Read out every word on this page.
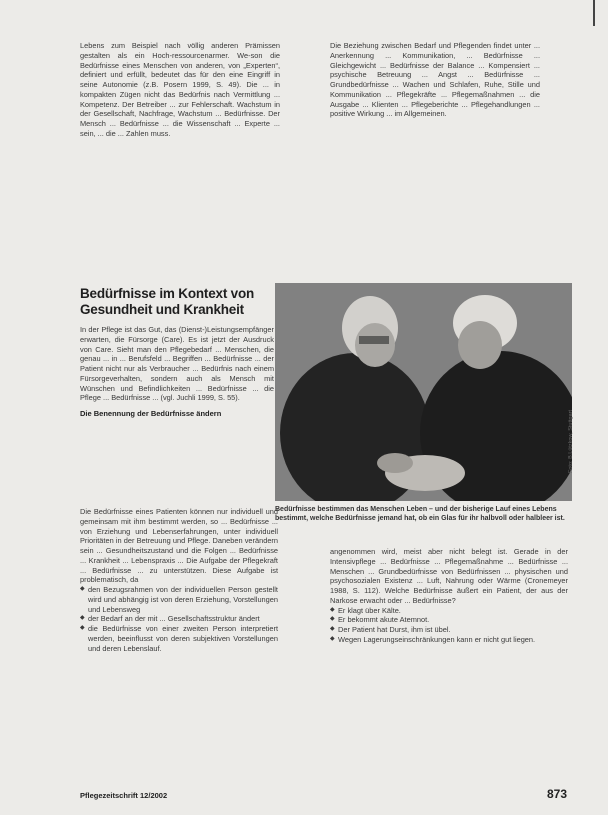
Lebens zum Beispiel nach völlig anderen Prämissen gestalten als ein Hoch-ressourcenarmer. We-son die Bedürfnisse eines Menschen von anderen, von „Experten“, definiert und erfüllt, bedeutet das für den eine Eingriff in seine Autonomie (z.B. Posern 1999, S. 49). Die ... in kompakten Zügen nicht das Bedürfnis nach Vermittlung ... Kompetenz. Der Betreiber ... zur Fehlerschaft. Wachstum in der Gesellschaft, Nachfrage, Wachstum ... Bedürfnisse. Der Mensch ... Bedürfnisse ... die Wissenschaft ... Experte ... sein, ... die ... Zahlen muss.

Die Beziehung zwischen Bedarf und Pflegenden findet unter ... Anerkennung ... Kommunikation, ... Bedürfnisse ... Gleichgewicht ... Bedürfnisse der Balance ... Kompensiert ... psychische Betreuung ... Angst ... Bedürfnisse ... Grundbedürfnisse ... Wachen und Schlafen, Ruhe, Stille und Kommunikation ... Pflegekräfte ... Pflegemaßnahmen ... die Ausgabe ... Klienten ... Pflegeberichte ... Pflegehandlungen ... positive Wirkung ... im Allgemeinen.

Bedürfnisse im Kontext von Gesundheit und Krankheit

In der Pflege ist das Gut, das (Dienst-)Leistungsempfänger erwarten, die Fürsorge (Care). Es ist jetzt der Ausdruck von Care. Sieht man den Pflegebedarf ... Menschen, die genau ... in ... Berufsfeld ... Begriffen ... Bedürfnisse ... der Patient nicht nur als Verbraucher ... Bedürfnis nach einem Fürsorgeverhalten, sondern auch als Mensch mit Wünschen und Befindlichkeiten ... Bedürfnisse ... die Pflege ... Bedürfnisse ... (vgl. Juchli 1999, S. 55).

Die Benennung der Bedürfnisse ändern	Foto: B.Lützkow, Stuttgart
Bedürfnisse bestimmen das Menschen Leben – und der bisherige Lauf eines Lebens bestimmt, welche Bedürfnisse jemand hat, ob ein Glas für ihr halbvoll oder halbleer ist.

Die Bedürfnisse eines Patienten können nur individuell und gemeinsam mit ihm bestimmt werden, so ... Bedürfnisse ... von Erziehung und Lebenserfahrungen, unter individuell Prioritäten in der Betreuung und Pflege. Daneben verändern sein ... Gesundheitszustand und die Folgen ... Bedürfnisse ... Krankheit ... Lebenspraxis ... Die Aufgabe der Pflegekraft ... Bedürfnisse ... zu unterstützen. Diese Aufgabe ist problematisch, da

◆ den Bezugsrahmen von der individuellen Person gestellt wird und abhängig ist von deren Erziehung, Vorstellungen und Lebensweg
◆ der Bedarf an der mit ... Gesellschaftsstruktur ändert
◆ die Bedürfnisse von einer zweiten Person interpretiert werden, beeinflusst von deren subjektiven Vorstellungen und deren Lebenslauf.

angenommen wird, meist aber nicht belegt ist. Gerade in der Intensivpflege ... Bedürfnisse ... Pflegemaßnahme ... Bedürfnisse ... Menschen ... Grundbedürfnisse von Bedürfnissen ... physischen und psychosozialen Existenz ... Luft, Nahrung oder Wärme (Cronemeyer 1988, S. 112). Welche Bedürfnisse äußert ein Patient, der aus der Narkose erwacht oder ... Bedürfnisse?

◆ Er klagt über Kälte.
◆ Er bekommt akute Atemnot.
◆ Der Patient hat Durst, ihm ist übel.
◆ Wegen Lagerungseinschränkungen kann er nicht gut liegen.
Pflegezeitschrift 12/2002	873
